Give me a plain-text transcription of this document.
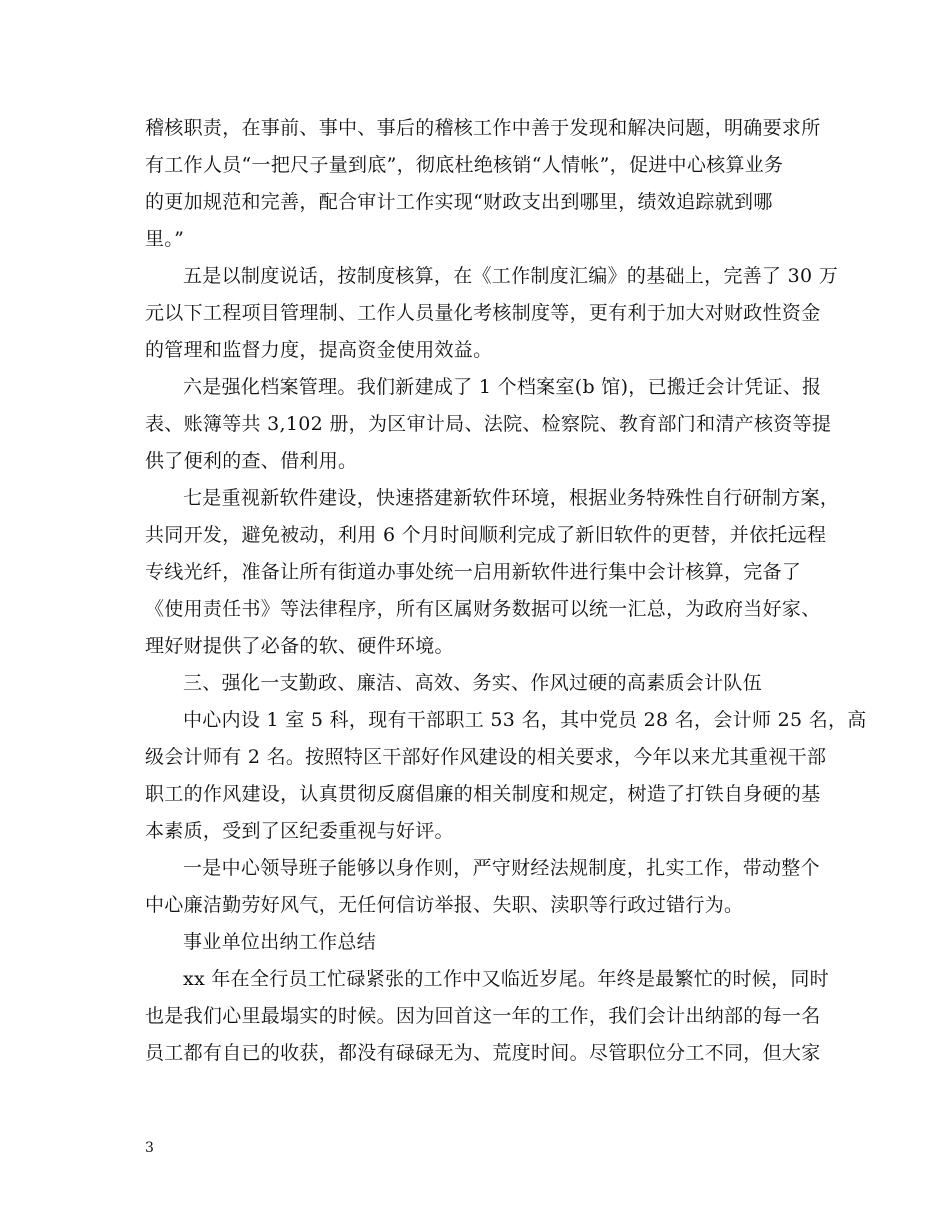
稽核职责，在事前、事中、事后的稽核工作中善于发现和解决问题，明确要求所
有工作人员“一把尺子量到底”，彻底杜绝核销“人情帐”，促进中心核算业务
的更加规范和完善，配合审计工作实现“财政支出到哪里，绩效追踪就到哪
里。”
五是以制度说话，按制度核算，在《工作制度汇编》的基础上，完善了 30 万
元以下工程项目管理制、工作人员量化考核制度等，更有利于加大对财政性资金
的管理和监督力度，提高资金使用效益。
六是强化档案管理。我们新建成了 1 个档案室(b 馆)，已搬迁会计凭证、报
表、账簿等共 3,102 册，为区审计局、法院、检察院、教育部门和清产核资等提
供了便利的查、借利用。
七是重视新软件建设，快速搭建新软件环境，根据业务特殊性自行研制方案，
共同开发，避免被动，利用 6 个月时间顺利完成了新旧软件的更替，并依托远程
专线光纤，准备让所有街道办事处统一启用新软件进行集中会计核算，完备了
《使用责任书》等法律程序，所有区属财务数据可以统一汇总，为政府当好家、
理好财提供了必备的软、硬件环境。
三、强化一支勤政、廉洁、高效、务实、作风过硬的高素质会计队伍
中心内设 1 室 5 科，现有干部职工 53 名，其中党员 28 名，会计师 25 名，高
级会计师有 2 名。按照特区干部好作风建设的相关要求，今年以来尤其重视干部
职工的作风建设，认真贯彻反腐倡廉的相关制度和规定，树造了打铁自身硬的基
本素质，受到了区纪委重视与好评。
一是中心领导班子能够以身作则，严守财经法规制度，扎实工作，带动整个
中心廉洁勤劳好风气，无任何信访举报、失职、渎职等行政过错行为。
事业单位出纳工作总结
xx 年在全行员工忙碌紧张的工作中又临近岁尾。年终是最繁忙的时候，同时
也是我们心里最塌实的时候。因为回首这一年的工作，我们会计出纳部的每一名
员工都有自已的收获，都没有碌碌无为、荒度时间。尽管职位分工不同，但大家
3
